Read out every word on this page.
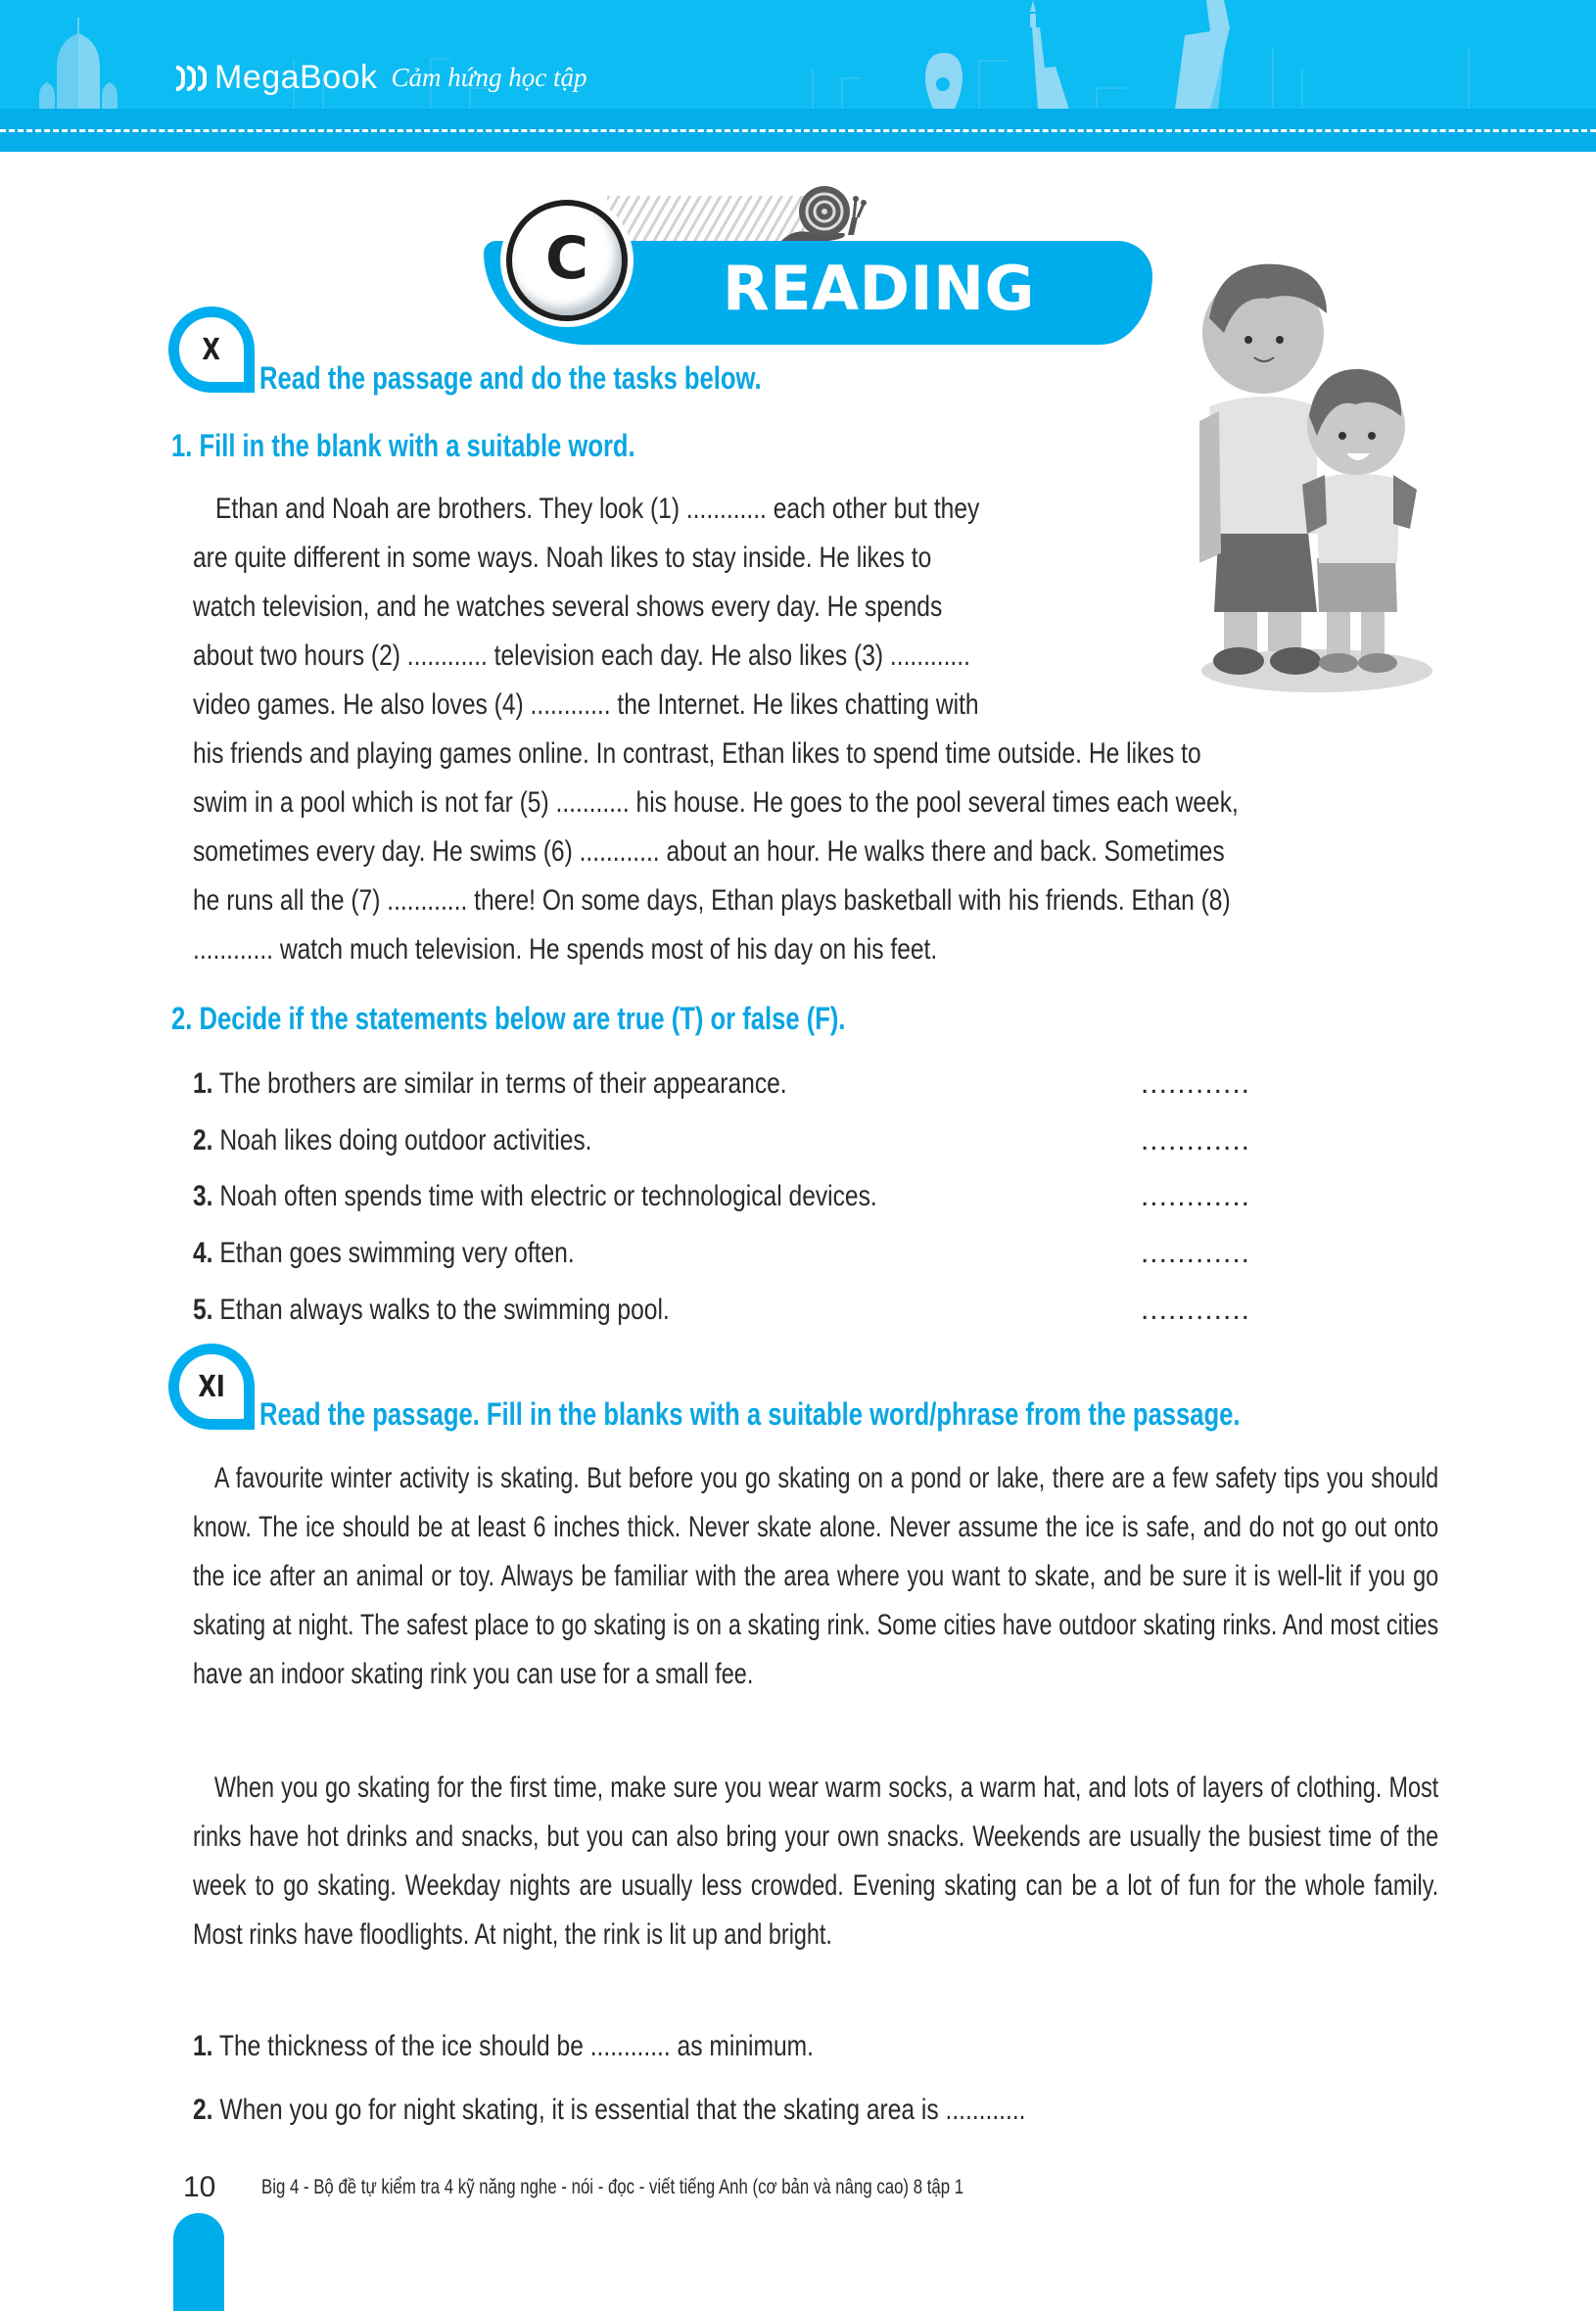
MegaBook Cảm hứng học tập
C READING
X
Read the passage and do the tasks below.
1. Fill in the blank with a suitable word.
Ethan and Noah are brothers. They look (1) ............ each other but they
are quite different in some ways. Noah likes to stay inside. He likes to
watch television, and he watches several shows every day. He spends
about two hours (2) ............ television each day. He also likes (3) ............
video games. He also loves (4) ............ the Internet. He likes chatting with
his friends and playing games online. In contrast, Ethan likes to spend time outside. He likes to
swim in a pool which is not far (5) ........... his house. He goes to the pool several times each week,
sometimes every day. He swims (6) ............ about an hour. He walks there and back. Sometimes
he runs all the (7) ............ there! On some days, Ethan plays basketball with his friends. Ethan (8)
............ watch much television. He spends most of his day on his feet.
2. Decide if the statements below are true (T) or false (F).
1. The brothers are similar in terms of their appearance.	............
2. Noah likes doing outdoor activities.	............
3. Noah often spends time with electric or technological devices.	............
4. Ethan goes swimming very often.	............
5. Ethan always walks to the swimming pool.	............
XI
Read the passage. Fill in the blanks with a suitable word/phrase from the passage.

A favourite winter activity is skating. But before you go skating on a pond or lake, there are a few safety tips you should know. The ice should be at least 6 inches thick. Never skate alone. Never assume the ice is safe, and do not go out onto the ice after an animal or toy. Always be familiar with the area where you want to skate, and be sure it is well-lit if you go skating at night. The safest place to go skating is on a skating rink. Some cities have outdoor skating rinks. And most cities have an indoor skating rink you can use for a small fee.

When you go skating for the first time, make sure you wear warm socks, a warm hat, and lots of layers of clothing. Most rinks have hot drinks and snacks, but you can also bring your own snacks. Weekends are usually the busiest time of the week to go skating. Weekday nights are usually less crowded. Evening skating can be a lot of fun for the whole family. Most rinks have floodlights. At night, the rink is lit up and bright.

1. The thickness of the ice should be ............ as minimum.
2. When you go for night skating, it is essential that the skating area is ............
10 Big 4 - Bộ đề tự kiểm tra 4 kỹ năng nghe - nói - đọc - viết tiếng Anh (cơ bản và nâng cao) 8 tập 1
